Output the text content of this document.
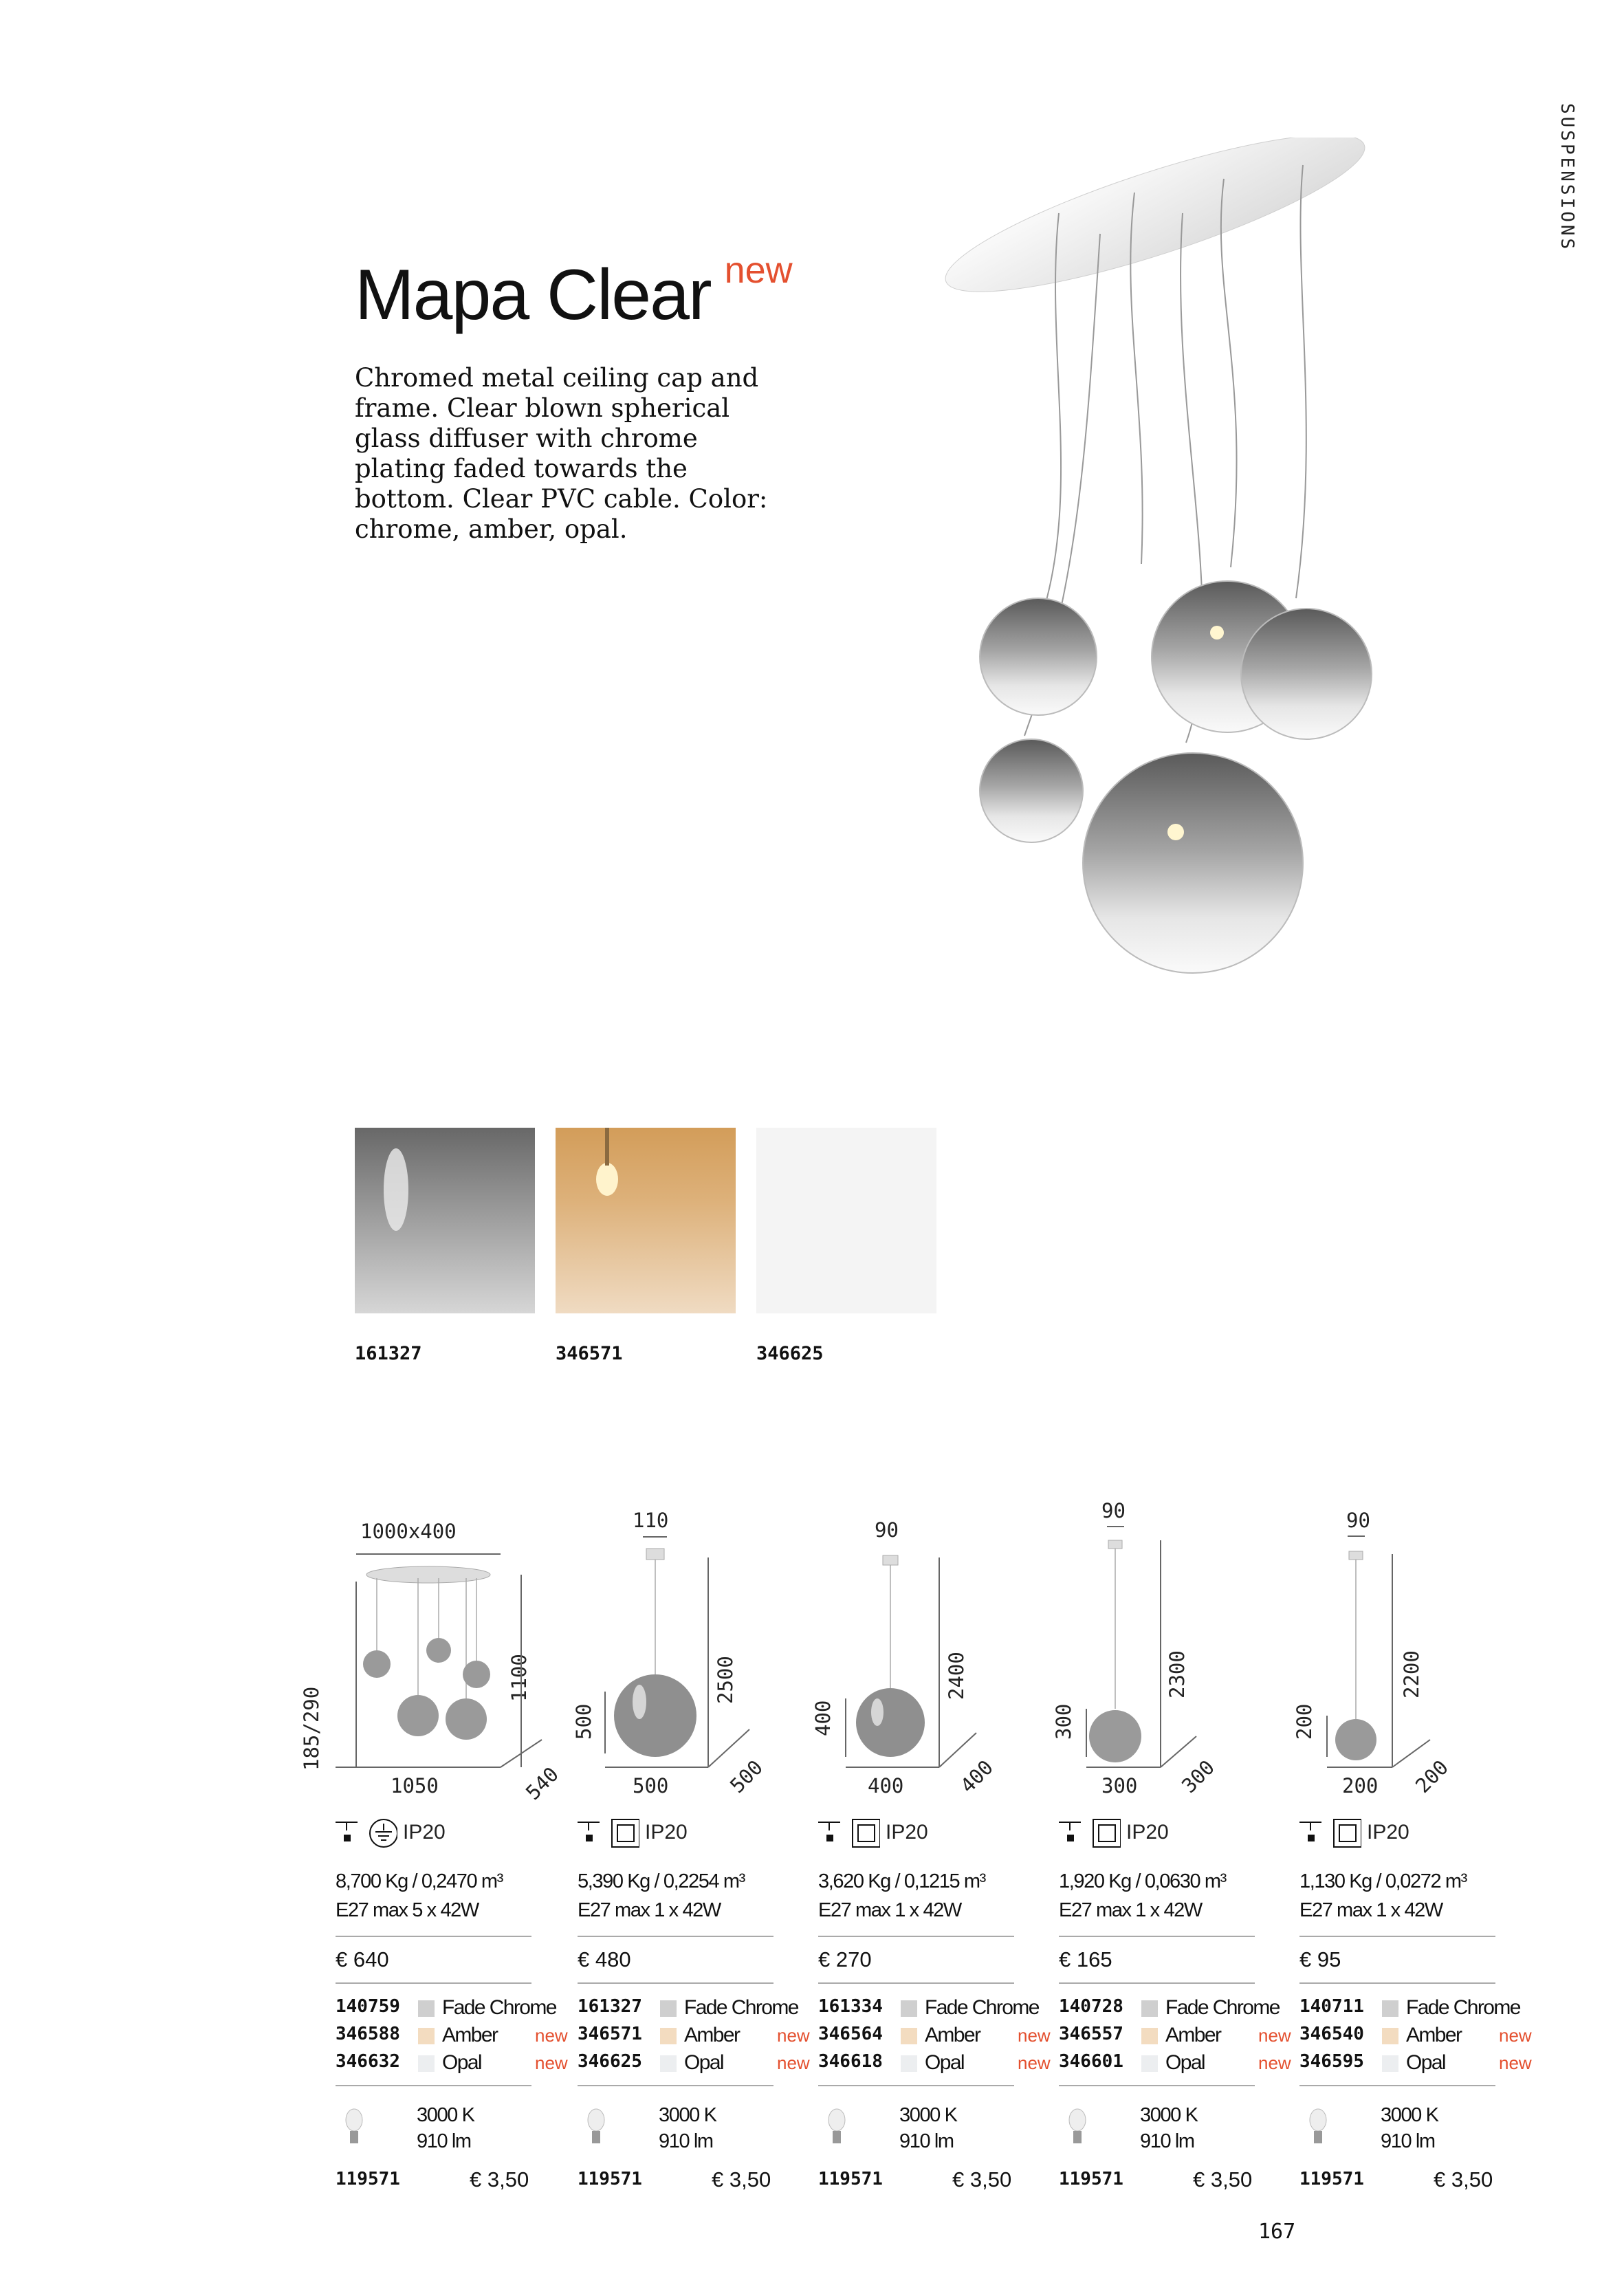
SUSPENSIONS
Mapa Clear $^{new}$
Chromed metal ceiling cap and frame. Clear blown spherical glass diffuser with chrome plating faded towards the bottom. Clear PVC cable. Color: chrome, amber, opal.
161327	346571	346625
1000x400
185/290
1100
1050	540
IP20
8,700 Kg / 0,2470 m³
E27 max 5 x 42W
€ 640
140759 Fade Chrome
346588 Amber new
346632 Opal	new
3000 K
910 lm
119571	€ 3,50
110
500
2500
500	500
IP20
5,390 Kg / 0,2254 m³
E27 max 1 x 42W
€ 480
161327 Fade Chrome
346571 Amber new
346625 Opal	new
3000 K
910 lm
119571	€ 3,50
90
400
2400
400	400
IP20
3,620 Kg / 0,1215 m³
E27 max 1 x 42W
€ 270
161334 Fade Chrome
346564 Amber new
346618 Opal	new
3000 K
910 lm
119571	€ 3,50
90
300
2300
300 300
IP20
1,920 Kg / 0,0630 m³
E27 max 1 x 42W
€ 165
140728 Fade Chrome
346557 Amber new
346601 Opal	new
3000 K
910 lm
119571	€ 3,50
90
200
2200
200 200
IP20
1,130 Kg / 0,0272 m³
E27 max 1 x 42W
€ 95
140711 Fade Chrome
346540 Amber new
346595 Opal	new
3000 K
910 lm
119571	€ 3,50
167
